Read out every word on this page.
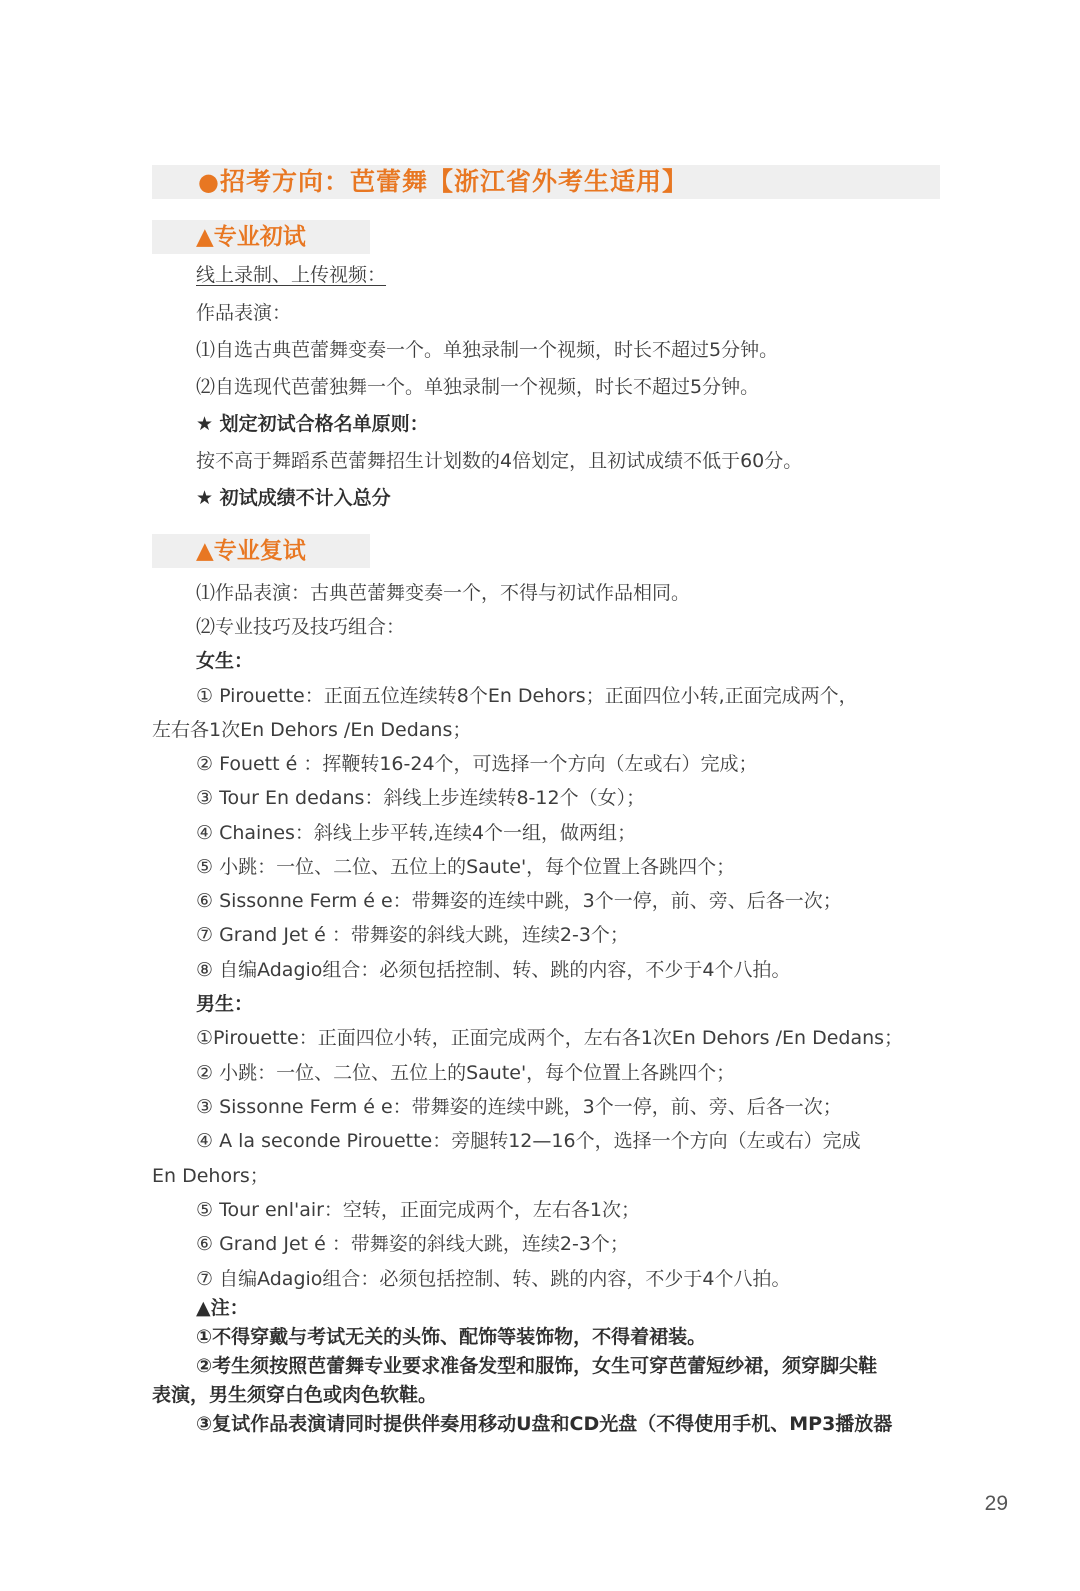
●招考方向：芭蕾舞【浙江省外考生适用】
▲专业初试
线上录制、上传视频：
作品表演：
⑴自选古典芭蕾舞变奏一个。单独录制一个视频，时长不超过5分钟。
⑵自选现代芭蕾独舞一个。单独录制一个视频，时长不超过5分钟。
★ 划定初试合格名单原则：
按不高于舞蹈系芭蕾舞招生计划数的4倍划定，且初试成绩不低于60分。
★ 初试成绩不计入总分
▲专业复试
⑴作品表演：古典芭蕾舞变奏一个，不得与初试作品相同。
⑵专业技巧及技巧组合：
女生：
① Pirouette：正面五位连续转8个En Dehors；正面四位小转,正面完成两个，
左右各1次En Dehors /En Dedans；
② Fouett é ：挥鞭转16-24个，可选择一个方向（左或右）完成；
③ Tour En dedans：斜线上步连续转8-12个（女）；
④ Chaines：斜线上步平转,连续4个一组，做两组；
⑤ 小跳：一位、二位、五位上的Saute'，每个位置上各跳四个；
⑥ Sissonne Ferm é e：带舞姿的连续中跳，3个一停，前、旁、后各一次；
⑦ Grand Jet é ：带舞姿的斜线大跳，连续2-3个；
⑧ 自编Adagio组合：必须包括控制、转、跳的内容，不少于4个八拍。
男生：
①Pirouette：正面四位小转，正面完成两个，左右各1次En Dehors /En Dedans；
② 小跳：一位、二位、五位上的Saute'，每个位置上各跳四个；
③ Sissonne Ferm é e：带舞姿的连续中跳，3个一停，前、旁、后各一次；
④ A la seconde Pirouette：旁腿转12—16个，选择一个方向（左或右）完成
En Dehors；
⑤ Tour enl'air：空转，正面完成两个，左右各1次；
⑥ Grand Jet é ：带舞姿的斜线大跳，连续2-3个；
⑦ 自编Adagio组合：必须包括控制、转、跳的内容，不少于4个八拍。
▲注：
①不得穿戴与考试无关的头饰、配饰等装饰物，不得着裙装。
②考生须按照芭蕾舞专业要求准备发型和服饰，女生可穿芭蕾短纱裙，须穿脚尖鞋
表演，男生须穿白色或肉色软鞋。
③复试作品表演请同时提供伴奏用移动U盘和CD光盘（不得使用手机、MP3播放器
29
